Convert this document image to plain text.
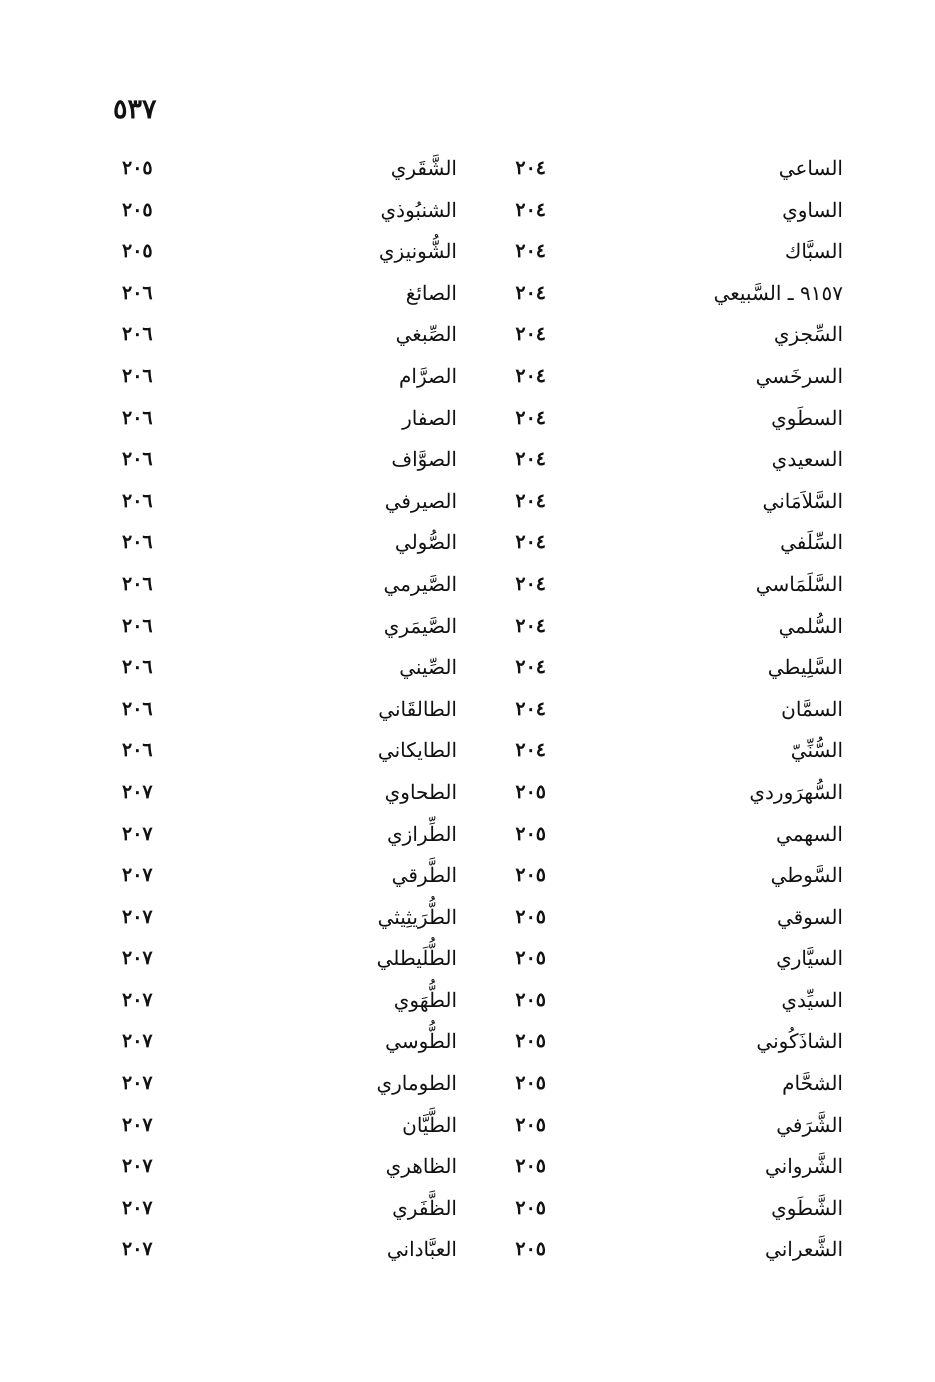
٥٣٧
الساعي
٢٠٤
الشَّقَري
٢٠٥
الساوي
٢٠٤
الشنبُوذي
٢٠٥
السبَّاك
٢٠٤
الشُّونيزي
٢٠٥
٩١٥٧ ـ السَّبيعي
٢٠٤
الصائغ
٢٠٦
السِّجزي
٢٠٤
الصِّبغي
٢٠٦
السرخَسي
٢٠٤
الصرَّام
٢٠٦
السطَوي
٢٠٤
الصفار
٢٠٦
السعيدي
٢٠٤
الصوَّاف
٢٠٦
السَّلاَمَاني
٢٠٤
الصيرفي
٢٠٦
السِّلَفي
٢٠٤
الصُّولي
٢٠٦
السَّلَمَاسي
٢٠٤
الصَّيرمي
٢٠٦
السُّلمي
٢٠٤
الصَّيمَري
٢٠٦
السَّلِيطي
٢٠٤
الصِّيني
٢٠٦
السمَّان
٢٠٤
الطالقَاني
٢٠٦
السُّنِّيّ
٢٠٤
الطايكاني
٢٠٦
السُّهرَوردي
٢٠٥
الطحاوي
٢٠٧
السهمي
٢٠٥
الطِّرازي
٢٠٧
السَّوطي
٢٠٥
الطَّرقي
٢٠٧
السوقي
٢٠٥
الطُّرَيثِيثي
٢٠٧
السيَّاري
٢٠٥
الطُّلَيطلي
٢٠٧
السيِّدي
٢٠٥
الطُّهَوي
٢٠٧
الشاذَكُوني
٢٠٥
الطُّوسي
٢٠٧
الشحَّام
٢٠٥
الطوماري
٢٠٧
الشَّرَفي
٢٠٥
الطَّيَّان
٢٠٧
الشَّرواني
٢٠٥
الظاهري
٢٠٧
الشَّطَوي
٢٠٥
الظَّفَري
٢٠٧
الشَّعراني
٢٠٥
العبَّاداني
٢٠٧
